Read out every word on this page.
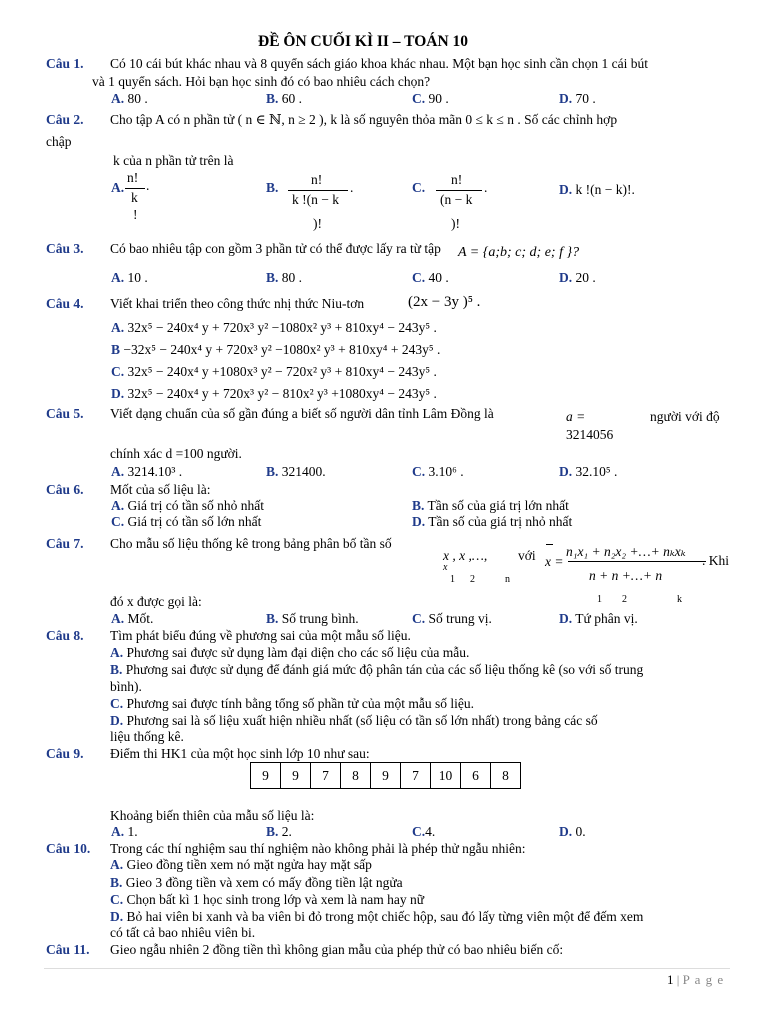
ĐỀ ÔN CUỐI KÌ II – TOÁN 10
Câu 1. Có 10 cái bút khác nhau và 8 quyển sách giáo khoa khác nhau. Một bạn học sinh cần chọn 1 cái bút
và 1 quyển sách. Hỏi bạn học sinh đó có bao nhiêu cách chọn?
A. 80 .	B. 60 .	C. 90 .	D. 70 .
Câu 2. Cho tập A có n phần tử ( n ∈ ℕ, n ≥ 2 ), k là số nguyên thỏa mãn 0 ≤ k ≤ n . Số các chỉnh hợp
chập
k của n phần tử trên là
A.
n!
k
!
.	B.
n!
k !(n − k
)!
.	C.
n!
(n − k
)!
.	D. k !(n − k)!.
Câu 3. Có bao nhiêu tập con gồm 3 phần tử có thể được lấy ra từ tập A = {a;b; c; d; e; f }?
A. 10 .	B. 80 .	C. 40 .	D. 20 .
Câu 4. Viết khai triển theo công thức nhị thức Niu-tơn	(2x − 3y )⁵ .
A. 32x⁵ − 240x⁴ y + 720x³ y² −1080x² y³ + 810xy⁴ − 243y⁵ .
B −32x⁵ − 240x⁴ y + 720x³ y² −1080x² y³ + 810xy⁴ + 243y⁵ .
C. 32x⁵ − 240x⁴ y +1080x³ y² − 720x² y³ + 810xy⁴ − 243y⁵ .
D. 32x⁵ − 240x⁴ y + 720x³ y² − 810x² y³ +1080xy⁴ − 243y⁵ .
Câu 5. Viết dạng chuẩn của số gần đúng a biết số người dân tỉnh Lâm Đồng là	a =
3214056
người với độ
chính xác d =100 người.
A. 3214.10³ .	B. 321400.	C. 3.10⁶ .	D. 32.10⁵ .
Câu 6. Mốt của số liệu là:
A. Giá trị có tần số nhỏ nhất	B. Tần số của giá trị lớn nhất
C. Giá trị có tần số lớn nhất	D. Tần số của giá trị nhỏ nhất
Câu 7. Cho mẫu số liệu thống kê trong bảng phân bố tần số
x , x ,…,
x
1      2            n
với x =
n₁x₁ + n₂x₂ +…+ nₖxₖ
n + n +…+ n
1        2                    k
. Khi
đó x được gọi là:
A. Mốt.	B. Số trung bình.	C. Số trung vị.	D. Tứ phân vị.
Câu 8. Tìm phát biểu đúng về phương sai của một mẫu số liệu.
A. Phương sai được sử dụng làm đại diện cho các số liệu của mẫu.
B. Phương sai được sử dụng để đánh giá mức độ phân tán của các số liệu thống kê (so với số trung
bình).
C. Phương sai được tính bằng tổng số phần tử của một mẫu số liệu.
D. Phương sai là số liệu xuất hiện nhiều nhất (số liệu có tần số lớn nhất) trong bảng các số
liệu thống kê.
Câu 9. Điểm thi HK1 của một học sinh lớp 10 như sau:
9	9	7	8	9	7	10	6	8
Khoảng biến thiên của mẫu số liệu là:
A. 1.	B. 2.	C.4.	D. 0.
Câu 10. Trong các thí nghiệm sau thí nghiệm nào không phải là phép thử ngẫu nhiên:
A. Gieo đồng tiền xem nó mặt ngửa hay mặt sấp
B. Gieo 3 đồng tiền và xem có mấy đồng tiền lật ngửa
C. Chọn bất kì 1 học sinh trong lớp và xem là nam hay nữ
D. Bỏ hai viên bi xanh và ba viên bi đỏ trong một chiếc hộp, sau đó lấy từng viên một để đếm xem
có tất cả bao nhiêu viên bi.
Câu 11. Gieo ngẫu nhiên 2 đồng tiền thì không gian mẫu của phép thử có bao nhiêu biến cố:
1 | P a g e
